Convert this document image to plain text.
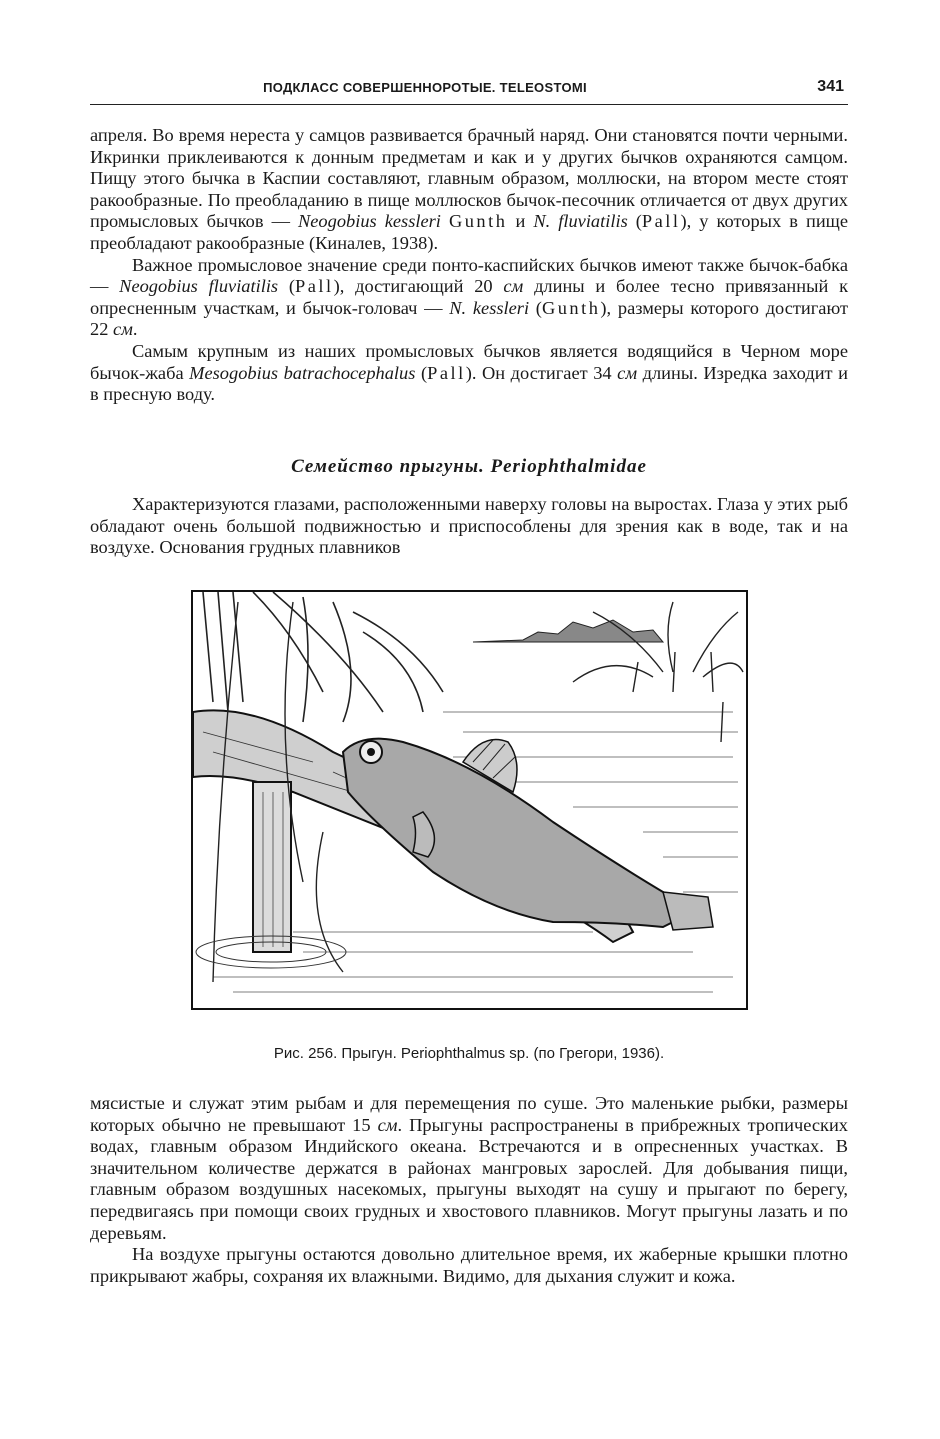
ПОДКЛАСС СОВЕРШЕННОРОТЫЕ. TELEOSTOMI	341

апреля. Во время нереста у самцов развивается брачный наряд. Они становятся почти черными. Икринки приклеиваются к донным предметам и как и у других бычков охраняются самцом. Пищу этого бычка в Каспии составляют, главным образом, моллюски, на втором месте стоят ракообразные. По преобладанию в пище моллюсков бычок-песочник отличается от двух других промысловых бычков — Neogobius kessleri Gunth и N. fluviatilis (Pall), у которых в пище преобладают ракообразные (Киналев, 1938).

Важное промысловое значение среди понто-каспийских бычков имеют также бычок-бабка — Neogobius fluviatilis (Pall), достигающий 20 см длины и более тесно привязанный к опресненным участкам, и бычок-головач — N. kessleri (Gunth), размеры которого достигают 22 см.

Самым крупным из наших промысловых бычков является водящийся в Черном море бычок-жаба Mesogobius batrachocephalus (Pall). Он достигает 34 см длины. Изредка заходит и в пресную воду.

Семейство прыгуны. Periophthalmidae

Характеризуются глазами, расположенными наверху головы на выростах. Глаза у этих рыб обладают очень большой подвижностью и приспособлены для зрения как в воде, так и на воздухе. Основания грудных плавников

Рис. 256. Прыгун. Periophthalmus sp. (по Грегори, 1936).

мясистые и служат этим рыбам и для перемещения по суше. Это маленькие рыбки, размеры которых обычно не превышают 15 см. Прыгуны распространены в прибрежных тропических водах, главным образом Индийского океана. Встречаются и в опресненных участках. В значительном количестве держатся в районах мангровых зарослей. Для добывания пищи, главным образом воздушных насекомых, прыгуны выходят на сушу и прыгают по берегу, передвигаясь при помощи своих грудных и хвостового плавников. Могут прыгуны лазать и по деревьям.

На воздухе прыгуны остаются довольно длительное время, их жаберные крышки плотно прикрывают жабры, сохраняя их влажными. Видимо, для дыхания служит и кожа.
